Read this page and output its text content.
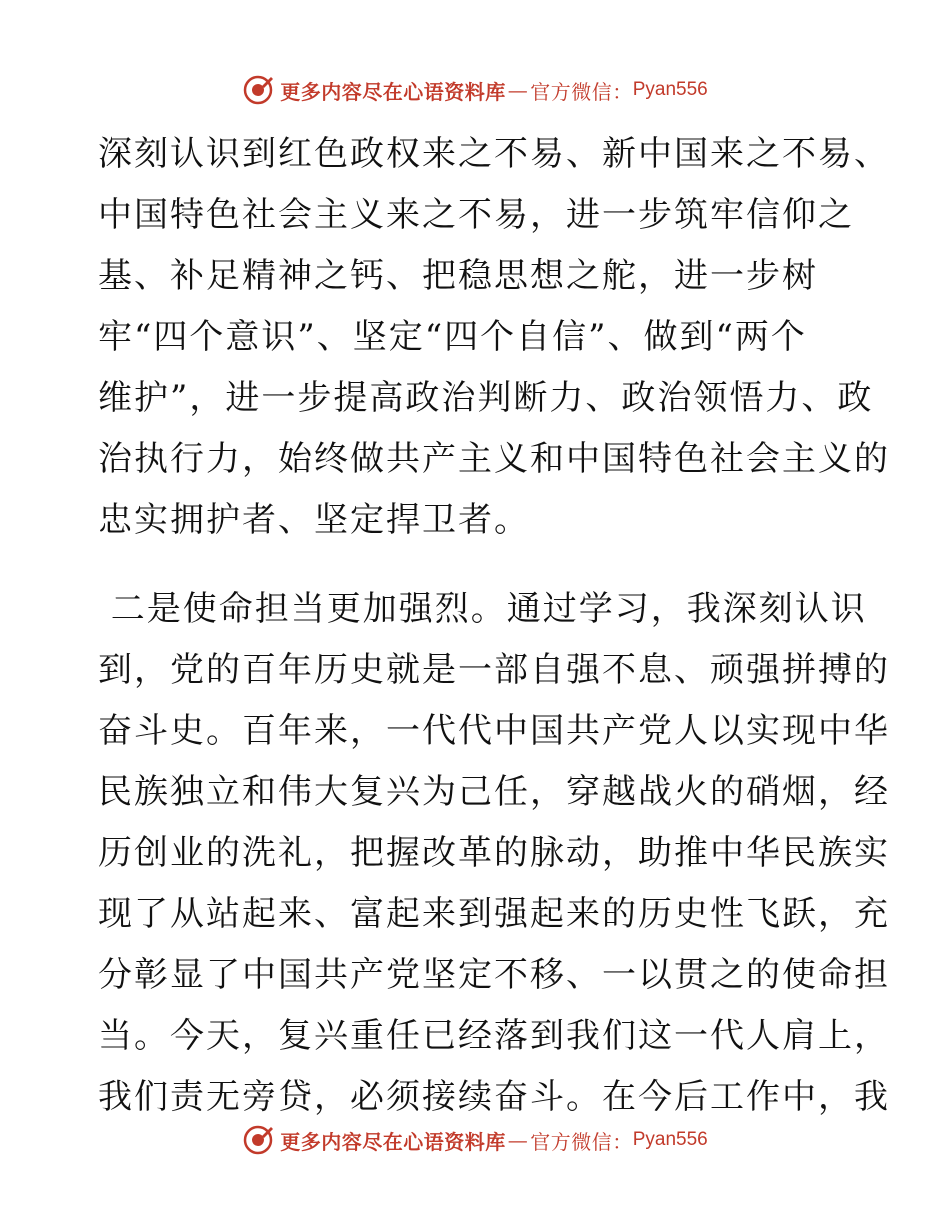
更多内容尽在心语资料库 — 官方微信： Pyan556
深刻认识到红色政权来之不易、新中国来之不易、
中国特色社会主义来之不易，进一步筑牢信仰之
基、补足精神之钙、把稳思想之舵，进一步树
牢“四个意识”、坚定“四个自信”、做到“两个
维护”，进一步提高政治判断力、政治领悟力、政
治执行力，始终做共产主义和中国特色社会主义的
忠实拥护者、坚定捍卫者。
二是使命担当更加强烈。通过学习，我深刻认识
到，党的百年历史就是一部自强不息、顽强拼搏的
奋斗史。百年来，一代代中国共产党人以实现中华
民族独立和伟大复兴为己任，穿越战火的硝烟，经
历创业的洗礼，把握改革的脉动，助推中华民族实
现了从站起来、富起来到强起来的历史性飞跃，充
分彰显了中国共产党坚定不移、一以贯之的使命担
当。今天，复兴重任已经落到我们这一代人肩上，
我们责无旁贷，必须接续奋斗。在今后工作中，我
更多内容尽在心语资料库 — 官方微信： Pyan556
